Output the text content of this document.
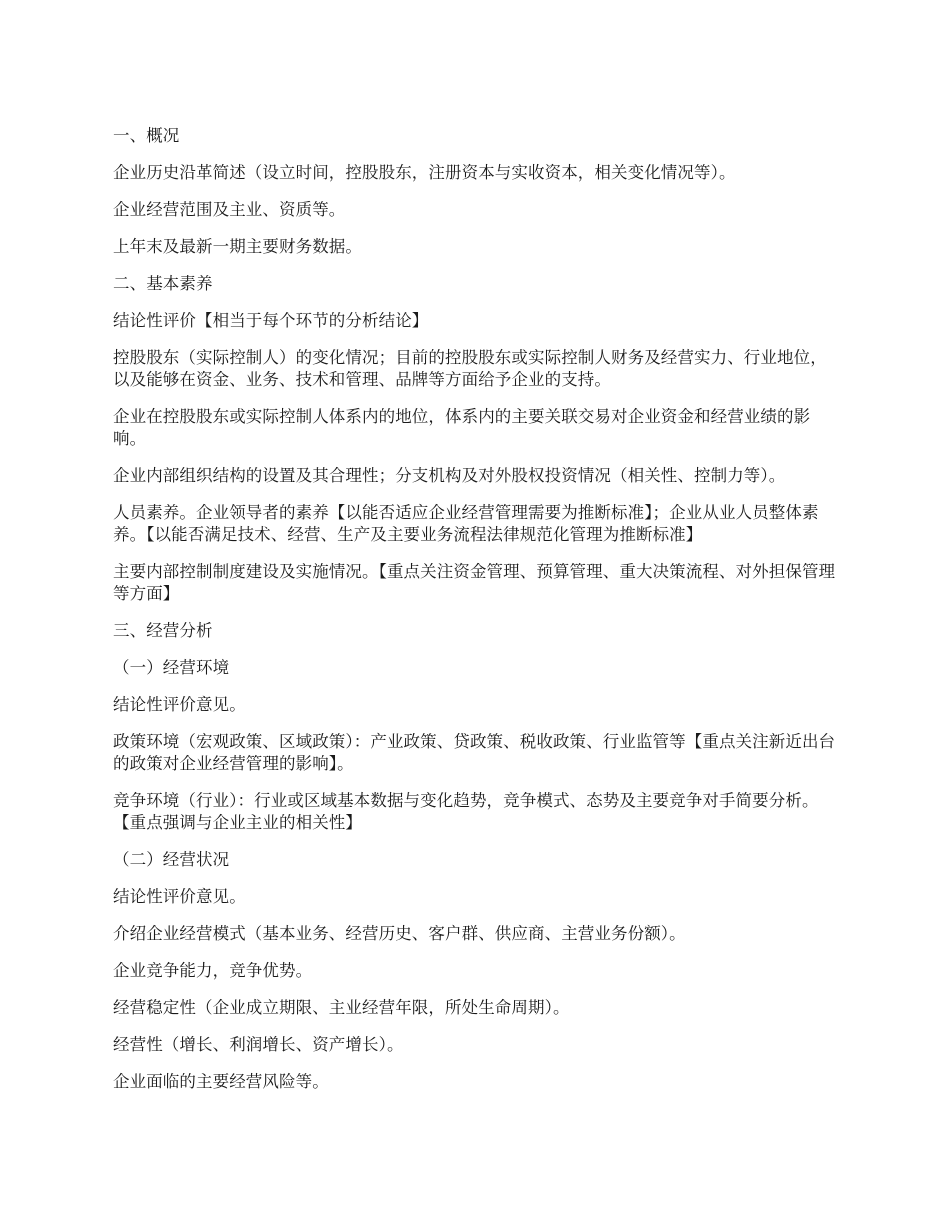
一、概况

企业历史沿革简述（设立时间，控股股东，注册资本与实收资本，相关变化情况等）。

企业经营范围及主业、资质等。

上年末及最新一期主要财务数据。

二、基本素养

结论性评价【相当于每个环节的分析结论】

控股股东（实际控制人）的变化情况；目前的控股股东或实际控制人财务及经营实力、行业地位，以及能够在资金、业务、技术和管理、品牌等方面给予企业的支持。

企业在控股股东或实际控制人体系内的地位，体系内的主要关联交易对企业资金和经营业绩的影响。

企业内部组织结构的设置及其合理性；分支机构及对外股权投资情况（相关性、控制力等）。

人员素养。企业领导者的素养【以能否适应企业经营管理需要为推断标准】；企业从业人员整体素养。【以能否满足技术、经营、生产及主要业务流程法律规范化管理为推断标准】

主要内部控制制度建设及实施情况。【重点关注资金管理、预算管理、重大决策流程、对外担保管理等方面】

三、经营分析

（一）经营环境

结论性评价意见。

政策环境（宏观政策、区域政策）：产业政策、贷政策、税收政策、行业监管等【重点关注新近出台的政策对企业经营管理的影响】。

竞争环境（行业）：行业或区域基本数据与变化趋势，竞争模式、态势及主要竞争对手简要分析。【重点强调与企业主业的相关性】

（二）经营状况

结论性评价意见。

介绍企业经营模式（基本业务、经营历史、客户群、供应商、主营业务份额）。

企业竞争能力，竞争优势。

经营稳定性（企业成立期限、主业经营年限，所处生命周期）。

经营性（增长、利润增长、资产增长）。

企业面临的主要经营风险等。
